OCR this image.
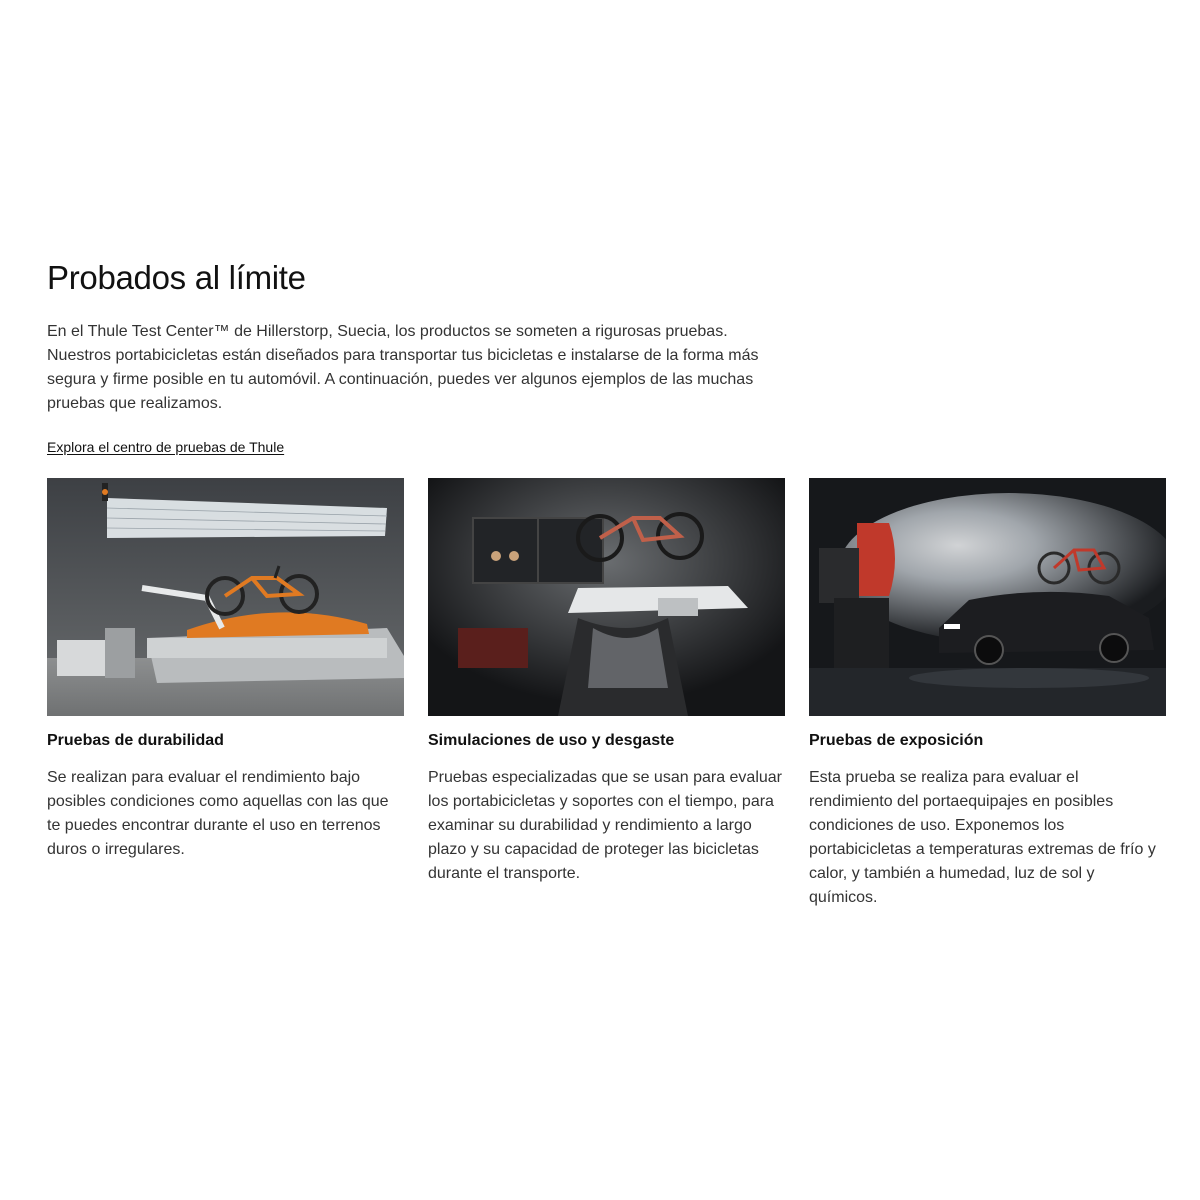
Probados al límite

En el Thule Test Center™ de Hillerstorp, Suecia, los productos se someten a rigurosas pruebas. Nuestros portabicicletas están diseñados para transportar tus bicicletas e instalarse de la forma más segura y firme posible en tu automóvil. A continuación, puedes ver algunos ejemplos de las muchas pruebas que realizamos.

Explora el centro de pruebas de Thule
Pruebas de durabilidad
Se realizan para evaluar el rendimiento bajo posibles condiciones como aquellas con las que te puedes encontrar durante el uso en terrenos duros o irregulares.
Simulaciones de uso y desgaste
Pruebas especializadas que se usan para evaluar los portabicicletas y soportes con el tiempo, para examinar su durabilidad y rendimiento a largo plazo y su capacidad de proteger las bicicletas durante el transporte.
Pruebas de exposición
Esta prueba se realiza para evaluar el rendimiento del portaequipajes en posibles condiciones de uso. Exponemos los portabicicletas a temperaturas extremas de frío y calor, y también a humedad, luz de sol y químicos.
